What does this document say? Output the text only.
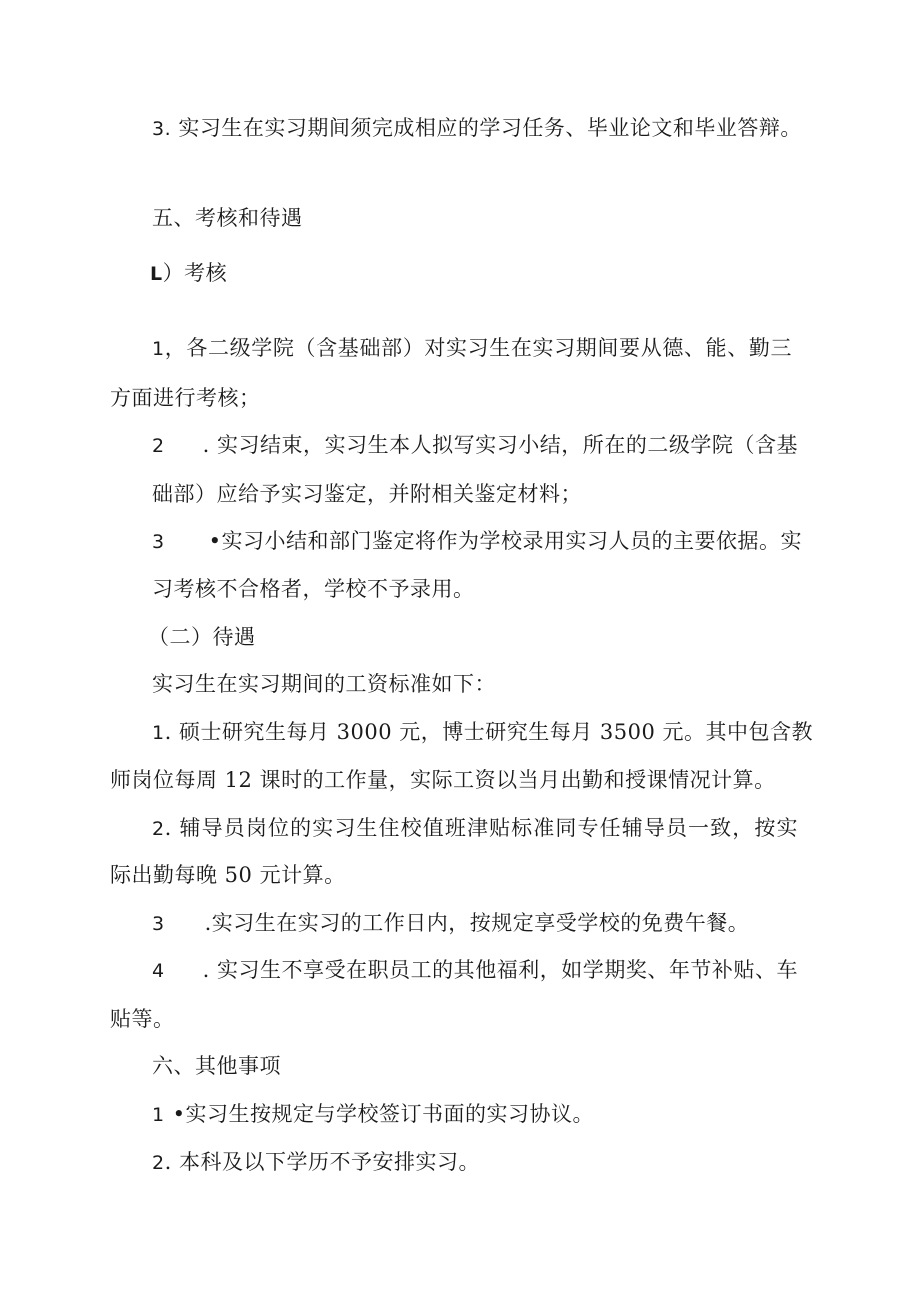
3. 实习生在实习期间须完成相应的学习任务、毕业论文和毕业答辩。

五、考核和待遇

L）考核

1，各二级学院（含基础部）对实习生在实习期间要从德、能、勤三

方面进行考核；

2 . 实习结束，实习生本人拟写实习小结，所在的二级学院（含基

础部）应给予实习鉴定，并附相关鉴定材料；

3 •实习小结和部门鉴定将作为学校录用实习人员的主要依据。实

习考核不合格者，学校不予录用。

（二）待遇

实习生在实习期间的工资标准如下：

1. 硕士研究生每月 3000 元，博士研究生每月 3500 元。其中包含教

师岗位每周 12 课时的工作量，实际工资以当月出勤和授课情况计算。

2. 辅导员岗位的实习生住校值班津贴标准同专任辅导员一致，按实

际出勤每晚 50 元计算。

3 .实习生在实习的工作日内，按规定享受学校的免费午餐。

4 . 实习生不享受在职员工的其他福利，如学期奖、年节补贴、车

贴等。

六、其他事项

1 •实习生按规定与学校签订书面的实习协议。

2. 本科及以下学历不予安排实习。
